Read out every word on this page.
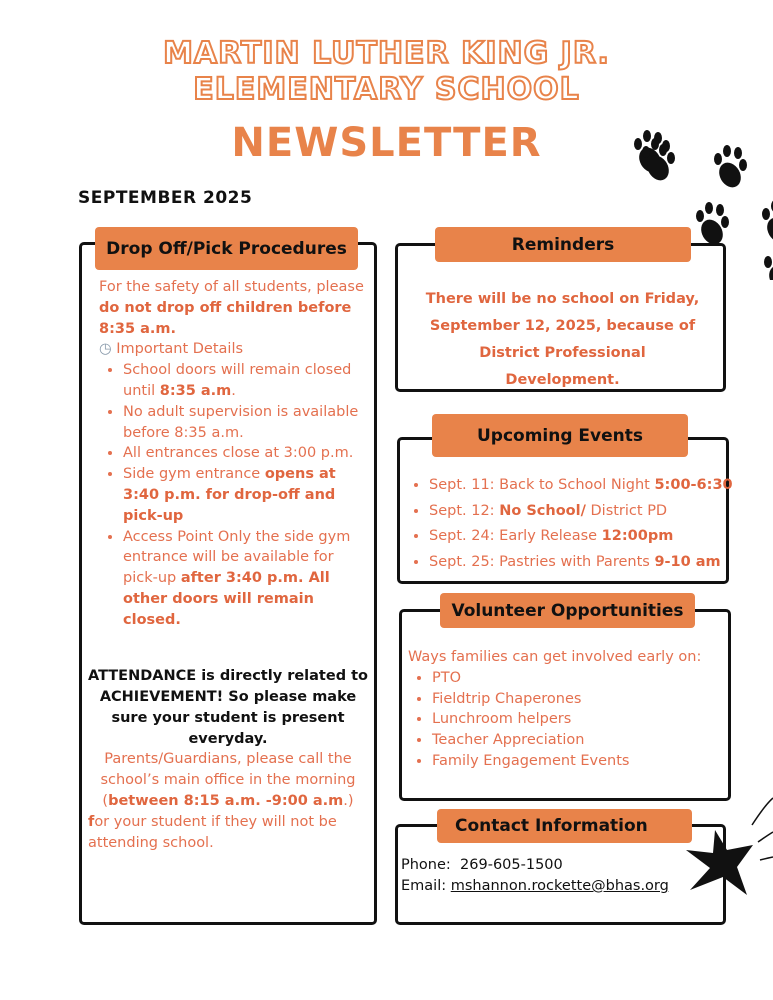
MARTIN LUTHER KING JR.
ELEMENTARY SCHOOL
NEWSLETTER
SEPTEMBER 2025
Drop Off/Pick Procedures
For the safety of all students, please do not drop off children before 8:35 a.m.
◷ Important Details
• School doors will remain closed until 8:35 a.m.
• No adult supervision is available before 8:35 a.m.
• All entrances close at 3:00 p.m.
• Side gym entrance opens at 3:40 p.m. for drop-off and pick-up
• Access Point Only the side gym entrance will be available for pick-up after 3:40 p.m. All other doors will remain closed.
ATTENDANCE is directly related to ACHIEVEMENT! So please make sure your student is present everyday.
Parents/Guardians, please call the school’s main office in the morning (between 8:15 a.m. -9:00 a.m.)
for your student if they will not be attending school.
Reminders
There will be no school on Friday, September 12, 2025, because of District Professional Development.
Upcoming Events
• Sept. 11: Back to School Night 5:00-6:30
• Sept. 12: No School/ District PD
• Sept. 24: Early Release 12:00pm
• Sept. 25: Pastries with Parents 9-10 am
Volunteer Opportunities
Ways families can get involved early on:
• PTO
• Fieldtrip Chaperones
• Lunchroom helpers
• Teacher Appreciation
• Family Engagement Events
Contact Information
Phone: 269-605-1500
Email: mshannon.rockette@bhas.org
